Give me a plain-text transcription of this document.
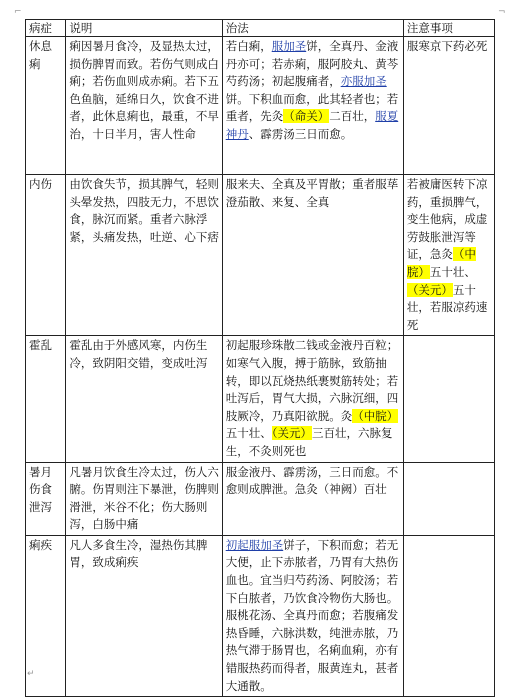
⌐	¬
↵
病症	说明	治法	注意事项
休息痢	痢因暑月食冷，及显热太过，损伤脾胃而致。若伤气则成白痢；若伤血则成赤痢。若下五色鱼脑，延绵日久，饮食不进者，此休息痢也，最重，不早治，十日半月，害人性命	若白痢，服加圣饼，全真丹、金液丹亦可；若赤痢，服阿胶丸、黄芩芍药汤；初起腹痛者，亦服加圣饼。下积血而愈，此其轻者也；若重者，先灸（命关）二百壮，服夏神丹、霹雳汤三日而愈。	服寒京下药必死
内伤	由饮食失节，损其脾气，轻则头晕发热，四肢无力，不思饮食，脉沉而紧。重者六脉浮紧，头痛发热，吐逆、心下痞	服来夫、全真及平胃散；重者服荜澄茄散、来复、全真	若被庸医转下凉药，重损脾气，变生他病，成虚劳鼓胀泄泻等证，急灸（中脘）五十壮、（关元）五十壮，若服凉药速死
霍乱	霍乱由于外感风寒，内伤生冷，致阴阳交错，变成吐泻	初起服珍珠散二钱或金液丹百粒；如寒气入腹，搏于筋脉，致筋抽转，即以瓦烧热纸裹熨筋转处；若吐泻后，胃气大损，六脉沉细，四肢厥冷，乃真阳欲脱。灸（中脘）五十壮、（关元）三百壮，六脉复生，不灸则死也	
暑月伤食泄泻	凡暑月饮食生冷太过，伤人六腑。伤胃则注下暴泄，伤脾则滑泄，米谷不化；伤大肠则泻，白肠中痛	服金液丹、霹雳汤，三日而愈。不愈则成脾泄。急灸（神阙）百壮	
痢疾	凡人多食生冷，湿热伤其脾胃，致成痢疾	初起服加圣饼子，下积而愈；若无大便，止下赤脓者，乃胃有大热伤血也。宜当归芍药汤、阿胶汤；若下白脓者，乃饮食冷物伤大肠也。服桃花汤、全真丹而愈；若腹痛发热昏睡，六脉洪数，纯泄赤脓，乃热气滞于肠胃也，名痢血痢，亦有错服热药而得者，服黄连丸，甚者大通散。	
